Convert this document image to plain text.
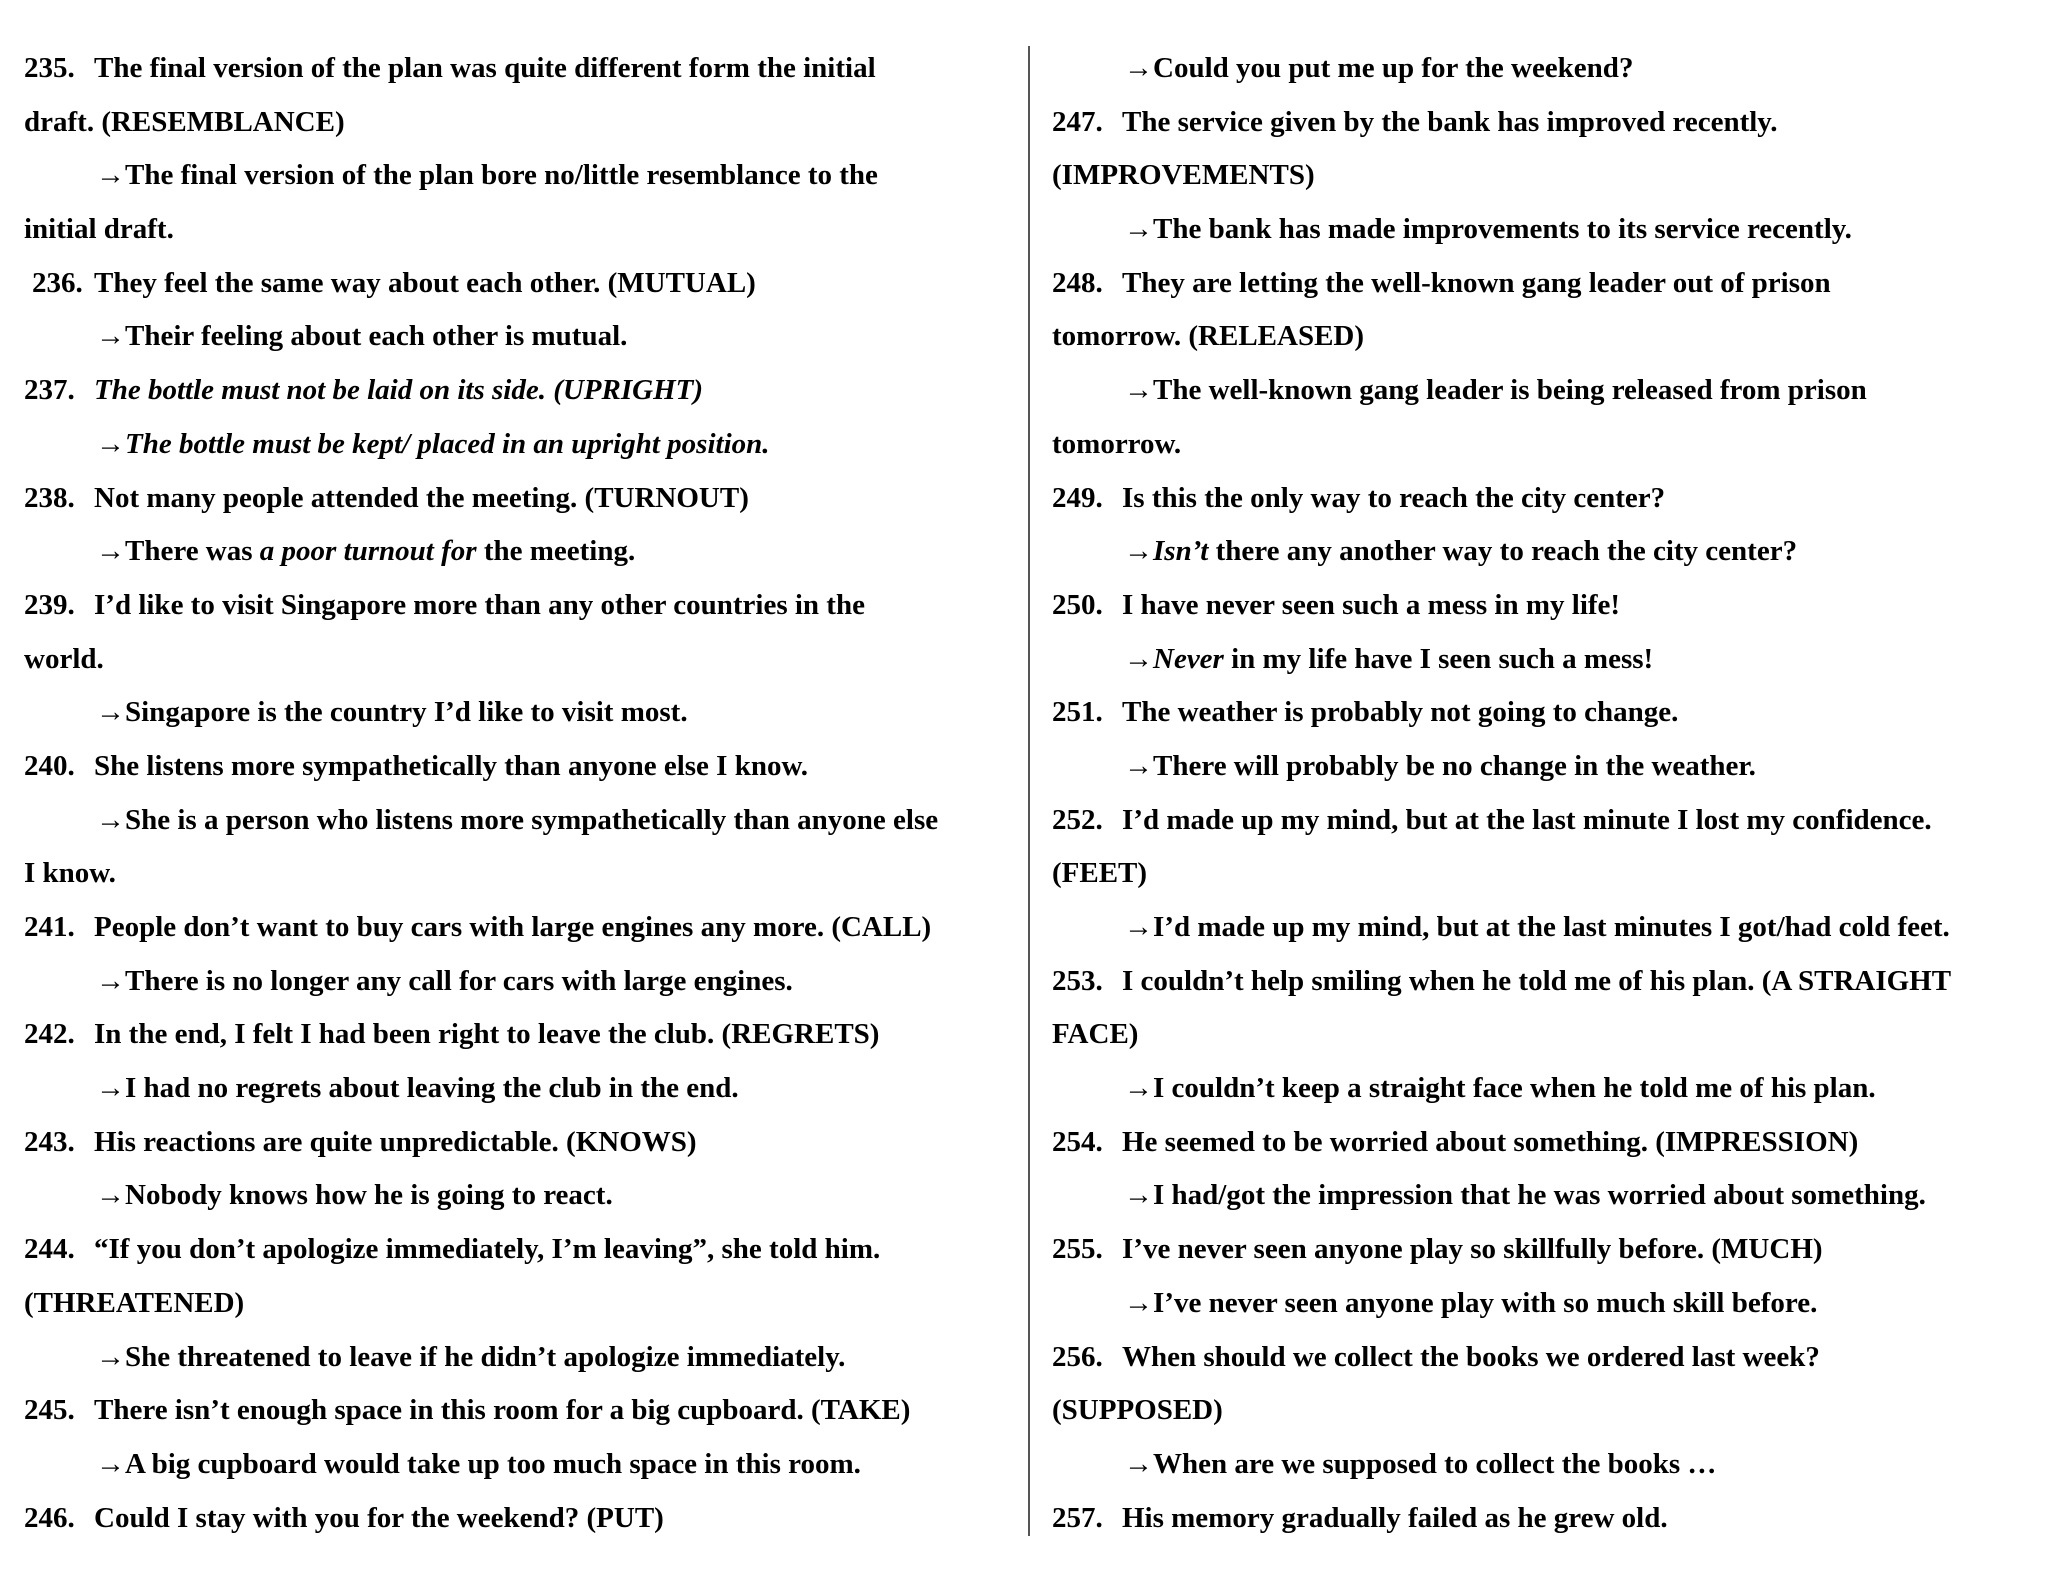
235. The final version of the plan was quite different form the initial
draft. (RESEMBLANCE)
→The final version of the plan bore no/little resemblance to the
initial draft.
236. They feel the same way about each other. (MUTUAL)
→Their feeling about each other is mutual.
237. The bottle must not be laid on its side. (UPRIGHT)
→The bottle must be kept/ placed in an upright position.
238. Not many people attended the meeting. (TURNOUT)
→There was a poor turnout for the meeting.
239. I’d like to visit Singapore more than any other countries in the
world.
→Singapore is the country I’d like to visit most.
240. She listens more sympathetically than anyone else I know.
→She is a person who listens more sympathetically than anyone else
I know.
241. People don’t want to buy cars with large engines any more. (CALL)
→There is no longer any call for cars with large engines.
242. In the end, I felt I had been right to leave the club. (REGRETS)
→I had no regrets about leaving the club in the end.
243. His reactions are quite unpredictable. (KNOWS)
→Nobody knows how he is going to react.
244. “If you don’t apologize immediately, I’m leaving”, she told him.
(THREATENED)
→She threatened to leave if he didn’t apologize immediately.
245. There isn’t enough space in this room for a big cupboard. (TAKE)
→A big cupboard would take up too much space in this room.
246. Could I stay with you for the weekend? (PUT)
→Could you put me up for the weekend?
247. The service given by the bank has improved recently.
(IMPROVEMENTS)
→The bank has made improvements to its service recently.
248. They are letting the well-known gang leader out of prison
tomorrow. (RELEASED)
→The well-known gang leader is being released from prison
tomorrow.
249. Is this the only way to reach the city center?
→Isn’t there any another way to reach the city center?
250. I have never seen such a mess in my life!
→Never in my life have I seen such a mess!
251. The weather is probably not going to change.
→There will probably be no change in the weather.
252. I’d made up my mind, but at the last minute I lost my confidence.
(FEET)
→I’d made up my mind, but at the last minutes I got/had cold feet.
253. I couldn’t help smiling when he told me of his plan. (A STRAIGHT
FACE)
→I couldn’t keep a straight face when he told me of his plan.
254. He seemed to be worried about something. (IMPRESSION)
→I had/got the impression that he was worried about something.
255. I’ve never seen anyone play so skillfully before. (MUCH)
→I’ve never seen anyone play with so much skill before.
256. When should we collect the books we ordered last week?
(SUPPOSED)
→When are we supposed to collect the books …
257. His memory gradually failed as he grew old.
